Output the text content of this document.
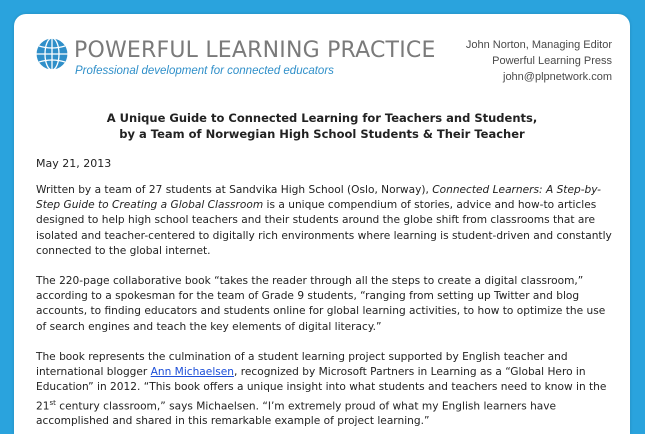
POWERFUL LEARNING PRACTICE
Professional development for connected educators
John Norton, Managing Editor
Powerful Learning Press
john@plpnetwork.com
A Unique Guide to Connected Learning for Teachers and Students,
by a Team of Norwegian High School Students & Their Teacher
May 21, 2013

Written by a team of 27 students at Sandvika High School (Oslo, Norway), Connected Learners: A Step-by-Step Guide to Creating a Global Classroom is a unique compendium of stories, advice and how-to articles designed to help high school teachers and their students around the globe shift from classrooms that are isolated and teacher-centered to digitally rich environments where learning is student-driven and constantly connected to the global internet.

The 220-page collaborative book “takes the reader through all the steps to create a digital classroom,” according to a spokesman for the team of Grade 9 students, “ranging from setting up Twitter and blog accounts, to finding educators and students online for global learning activities, to how to optimize the use of search engines and teach the key elements of digital literacy.”

The book represents the culmination of a student learning project supported by English teacher and international blogger Ann Michaelsen, recognized by Microsoft Partners in Learning as a “Global Hero in Education” in 2012. “This book offers a unique insight into what students and teachers need to know in the 21st century classroom,” says Michaelsen. “I’m extremely proud of what my English learners have accomplished and shared in this remarkable example of project learning.”
